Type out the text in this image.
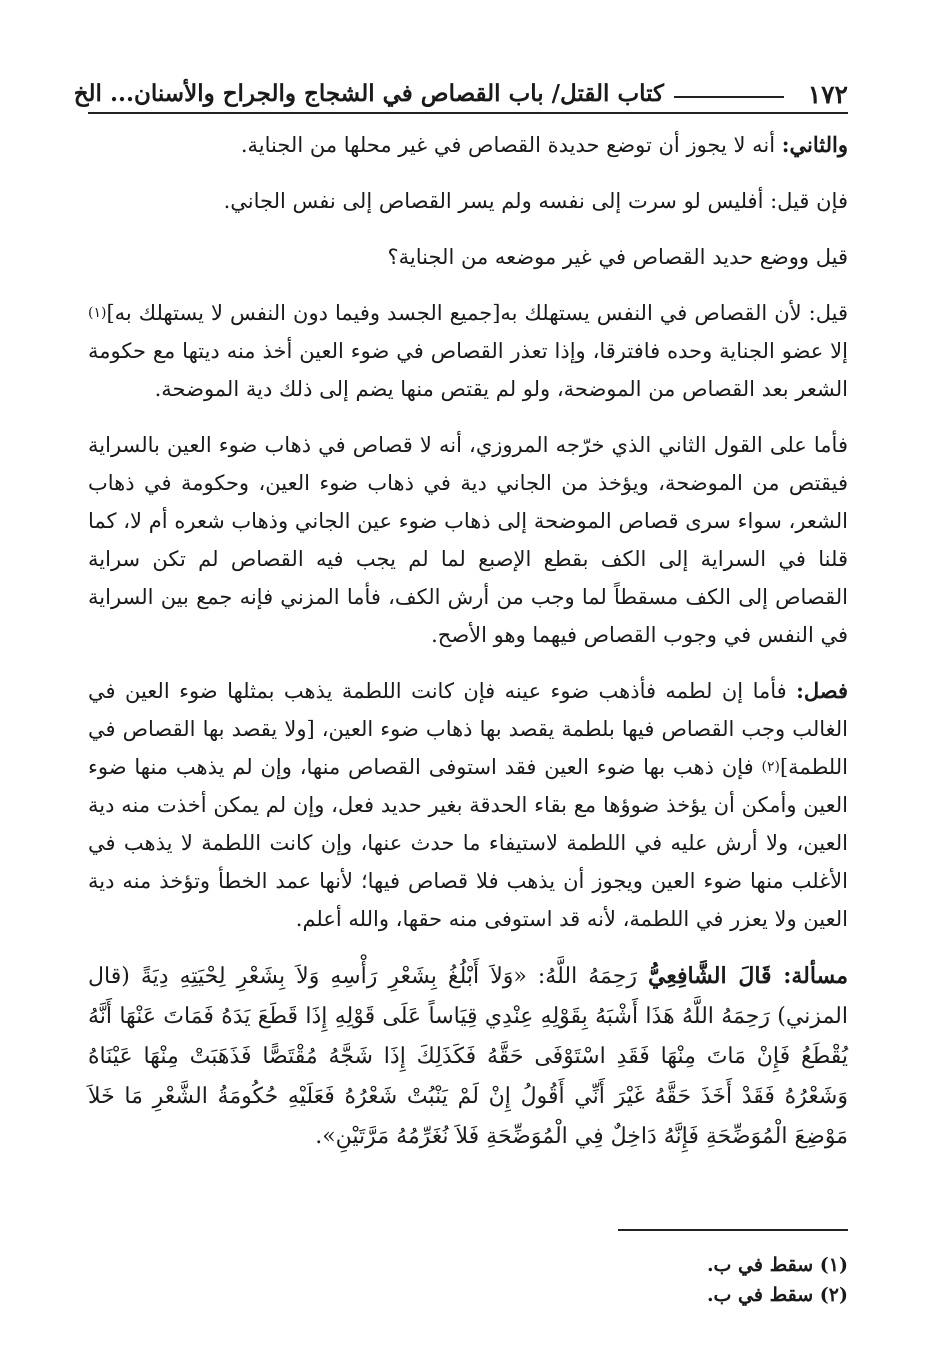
١٧٢
كتاب القتل/ باب القصاص في الشجاج والجراح والأسنان... الخ

والثاني: أنه لا يجوز أن توضع حديدة القصاص في غير محلها من الجناية.

فإن قيل: أفليس لو سرت إلى نفسه ولم يسر القصاص إلى نفس الجاني.

قيل ووضع حديد القصاص في غير موضعه من الجناية؟

قيل: لأن القصاص في النفس يستهلك به[جميع الجسد وفيما دون النفس لا يستهلك به]$^{(١)}$ إلا عضو الجناية وحده فافترقا، وإذا تعذر القصاص في ضوء العين أخذ منه ديتها مع حكومة الشعر بعد القصاص من الموضحة، ولو لم يقتص منها يضم إلى ذلك دية الموضحة.

فأما على القول الثاني الذي خرّجه المروزي، أنه لا قصاص في ذهاب ضوء العين بالسراية فيقتص من الموضحة، ويؤخذ من الجاني دية في ذهاب ضوء العين، وحكومة في ذهاب الشعر، سواء سرى قصاص الموضحة إلى ذهاب ضوء عين الجاني وذهاب شعره أم لا، كما قلنا في السراية إلى الكف بقطع الإصبع لما لم يجب فيه القصاص لم تكن سراية القصاص إلى الكف مسقطاً لما وجب من أرش الكف، فأما المزني فإنه جمع بين السراية في النفس في وجوب القصاص فيهما وهو الأصح.

فصل: فأما إن لطمه فأذهب ضوء عينه فإن كانت اللطمة يذهب بمثلها ضوء العين في الغالب وجب القصاص فيها بلطمة يقصد بها ذهاب ضوء العين، [ولا يقصد بها القصاص في اللطمة]$^{(٢)}$ فإن ذهب بها ضوء العين فقد استوفى القصاص منها، وإن لم يذهب منها ضوء العين وأمكن أن يؤخذ ضوؤها مع بقاء الحدقة بغير حديد فعل، وإن لم يمكن أخذت منه دية العين، ولا أرش عليه في اللطمة لاستيفاء ما حدث عنها، وإن كانت اللطمة لا يذهب في الأغلب منها ضوء العين ويجوز أن يذهب فلا قصاص فيها؛ لأنها عمد الخطأ وتؤخذ منه دية العين ولا يعزر في اللطمة، لأنه قد استوفى منه حقها، والله أعلم.

مسألة: قَالَ الشَّافِعِيُّ رَحِمَهُ اللَّهُ: «وَلاَ أَبْلُغُ بِشَعْرِ رَأْسِهِ وَلاَ بِشَعْرِ لِحْيَتِهِ دِيَةً (قال المزني) رَحِمَهُ اللَّهُ هَذَا أَشْبَهُ بِقَوْلِهِ عِنْدِي قِيَاساً عَلَى قَوْلِهِ إِذَا قَطَعَ يَدَهُ فَمَاتَ عَنْهَا أَنَّهُ يُقْطَعُ فَإِنْ مَاتَ مِنْهَا فَقَدِ اسْتَوْفَى حَقَّهُ فَكَذَلِكَ إِذَا شَجَّهُ مُقْتَصًّا فَذَهَبَتْ مِنْهَا عَيْنَاهُ وَشَعْرُهُ فَقَدْ أَخَذَ حَقَّهُ غَيْرَ أَنِّي أَقُولُ إِنْ لَمْ يَنْبُتْ شَعْرُهُ فَعَلَيْهِ حُكُومَةُ الشَّعْرِ مَا خَلاَ مَوْضِعَ الْمُوَضِّحَةِ فَإِنَّهُ دَاخِلٌ فِي الْمُوَضِّحَةِ فَلاَ نُغَرِّمُهُ مَرَّتَيْنِ».

(١) سقط في ب.
(٢) سقط في ب.
